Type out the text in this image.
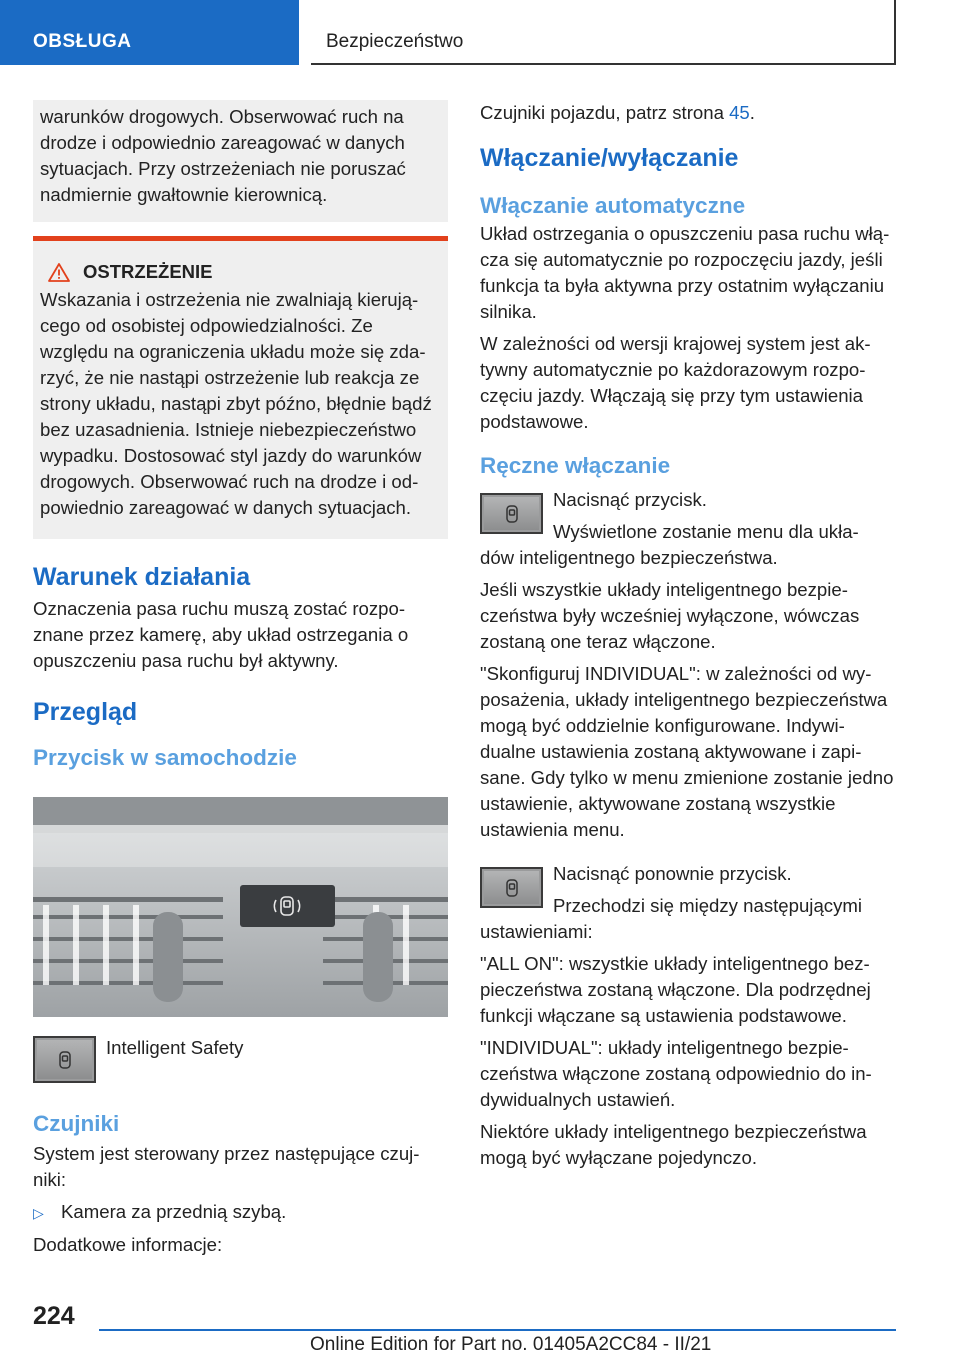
OBSŁUGA	Bezpieczeństwo

warunków drogowych. Obserwować ruch na drodze i odpowiednio zareagować w danych sytuacjach. Przy ostrzeżeniach nie poruszać nadmiernie gwałtownie kierownicą.

OSTRZEŻENIE

Wskazania i ostrzeżenia nie zwalniają kierują‐cego od osobistej odpowiedzialności. Ze względu na ograniczenia układu może się zda‐rzyć, że nie nastąpi ostrzeżenie lub reakcja ze strony układu, nastąpi zbyt późno, błędnie bądź bez uzasadnienia. Istnieje niebezpieczeństwo wypadku. Dostosować styl jazdy do warunków drogowych. Obserwować ruch na drodze i od‐powiednio zareagować w danych sytuacjach.

Warunek działania

Oznaczenia pasa ruchu muszą zostać rozpo‐znane przez kamerę, aby układ ostrzegania o opuszczeniu pasa ruchu był aktywny.

Przegląd
Przycisk w samochodzie
Intelligent Safety
Czujniki

System jest sterowany przez następujące czuj‐niki:

▷ Kamera za przednią szybą.

Dodatkowe informacje:

Czujniki pojazdu, patrz strona 45.

Włączanie/wyłączanie
Włączanie automatyczne

Układ ostrzegania o opuszczeniu pasa ruchu włą‐cza się automatycznie po rozpoczęciu jazdy, jeśli funkcja ta była aktywna przy ostatnim wyłączaniu silnika.

W zależności od wersji krajowej system jest ak‐tywny automatycznie po każdorazowym rozpo‐częciu jazdy. Włączają się przy tym ustawienia podstawowe.

Ręczne włączanie

Nacisnąć przycisk.

Wyświetlone zostanie menu dla ukła‐

dów inteligentnego bezpieczeństwa.

Jeśli wszystkie układy inteligentnego bezpie‐czeństwa były wcześniej wyłączone, wówczas zostaną one teraz włączone.

"Skonfiguruj INDIVIDUAL": w zależności od wy‐posażenia, układy inteligentnego bezpieczeństwa mogą być oddzielnie konfigurowane. Indywi‐dualne ustawienia zostaną aktywowane i zapi‐sane. Gdy tylko w menu zmienione zostanie jedno ustawienie, aktywowane zostaną wszystkie ustawienia menu.

Nacisnąć ponownie przycisk.

Przechodzi się między następującymi

ustawieniami:

"ALL ON": wszystkie układy inteligentnego bez‐pieczeństwa zostaną włączone. Dla podrzędnej funkcji włączane są ustawienia podstawowe.

"INDIVIDUAL": układy inteligentnego bezpie‐czeństwa włączone zostaną odpowiednio do in‐dywidualnych ustawień.

Niektóre układy inteligentnego bezpieczeństwa mogą być wyłączane pojedynczo.

224
Online Edition for Part no. 01405A2CC84 - II/21
